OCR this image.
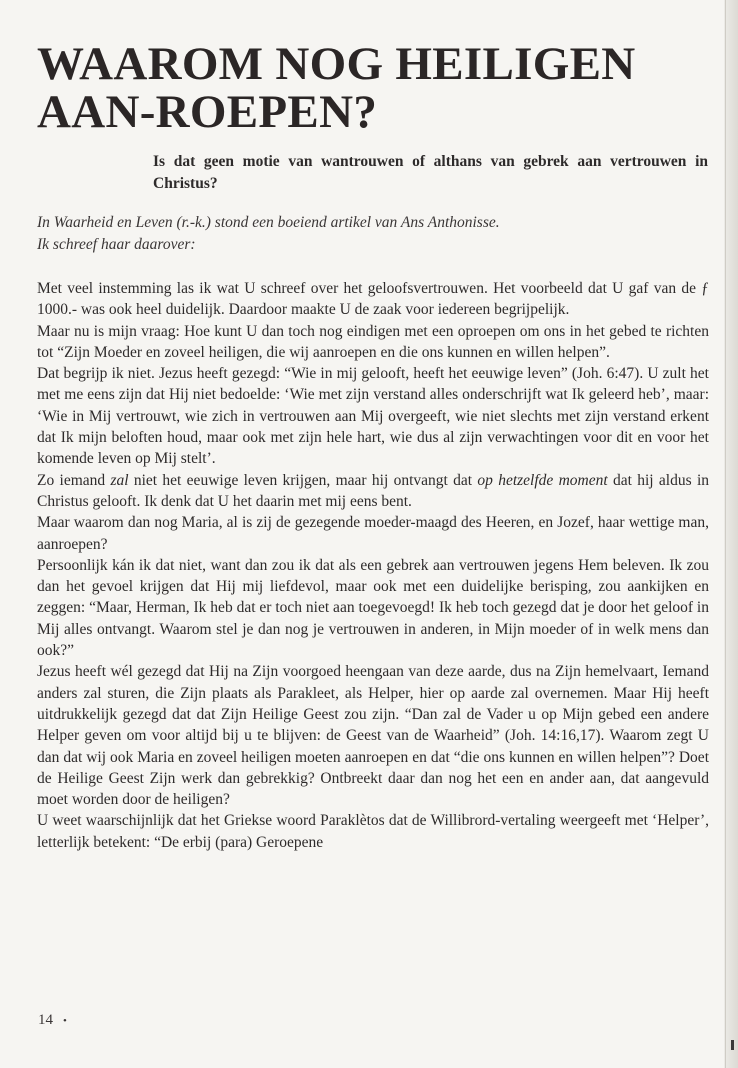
WAAROM NOG HEILIGEN AAN-ROEPEN?

Is dat geen motie van wantrouwen of althans van gebrek aan vertrouwen in Christus?

In Waarheid en Leven (r.-k.) stond een boeiend artikel van Ans Anthonisse.
Ik schreef haar daarover:

Met veel instemming las ik wat U schreef over het geloofsvertrouwen. Het voorbeeld dat U gaf van de ƒ 1000.- was ook heel duidelijk. Daardoor maakte U de zaak voor iedereen begrijpelijk.

Maar nu is mijn vraag: Hoe kunt U dan toch nog eindigen met een oproepen om ons in het gebed te richten tot “Zijn Moeder en zoveel heiligen, die wij aanroepen en die ons kunnen en willen helpen”.

Dat begrijp ik niet. Jezus heeft gezegd: “Wie in mij gelooft, heeft het eeuwige leven” (Joh. 6:47). U zult het met me eens zijn dat Hij niet bedoelde: ‘Wie met zijn verstand alles onderschrijft wat Ik geleerd heb’, maar: ‘Wie in Mij vertrouwt, wie zich in vertrouwen aan Mij overgeeft, wie niet slechts met zijn verstand erkent dat Ik mijn beloften houd, maar ook met zijn hele hart, wie dus al zijn verwachtingen voor dit en voor het komende leven op Mij stelt’.

Zo iemand zal niet het eeuwige leven krijgen, maar hij ontvangt dat op hetzelfde moment dat hij aldus in Christus gelooft. Ik denk dat U het daarin met mij eens bent.

Maar waarom dan nog Maria, al is zij de gezegende moeder-maagd des Heeren, en Jozef, haar wettige man, aanroepen?

Persoonlijk kán ik dat niet, want dan zou ik dat als een gebrek aan vertrouwen jegens Hem beleven. Ik zou dan het gevoel krijgen dat Hij mij liefdevol, maar ook met een duidelijke berisping, zou aankijken en zeggen: “Maar, Herman, Ik heb dat er toch niet aan toegevoegd! Ik heb toch gezegd dat je door het geloof in Mij alles ontvangt. Waarom stel je dan nog je vertrouwen in anderen, in Mijn moeder of in welk mens dan ook?”

Jezus heeft wél gezegd dat Hij na Zijn voorgoed heengaan van deze aarde, dus na Zijn hemelvaart, Iemand anders zal sturen, die Zijn plaats als Parakleet, als Helper, hier op aarde zal overnemen. Maar Hij heeft uitdrukkelijk gezegd dat dat Zijn Heilige Geest zou zijn. “Dan zal de Vader u op Mijn gebed een andere Helper geven om voor altijd bij u te blijven: de Geest van de Waarheid” (Joh. 14:16,17). Waarom zegt U dan dat wij ook Maria en zoveel heiligen moeten aanroepen en dat “die ons kunnen en willen helpen”? Doet de Heilige Geest Zijn werk dan gebrekkig? Ontbreekt daar dan nog het een en ander aan, dat aangevuld moet worden door de heiligen?

U weet waarschijnlijk dat het Griekse woord Paraklètos dat de Willibrord-vertaling weergeeft met ‘Helper’, letterlijk betekent: “De erbij (para) Geroepene

14 •
